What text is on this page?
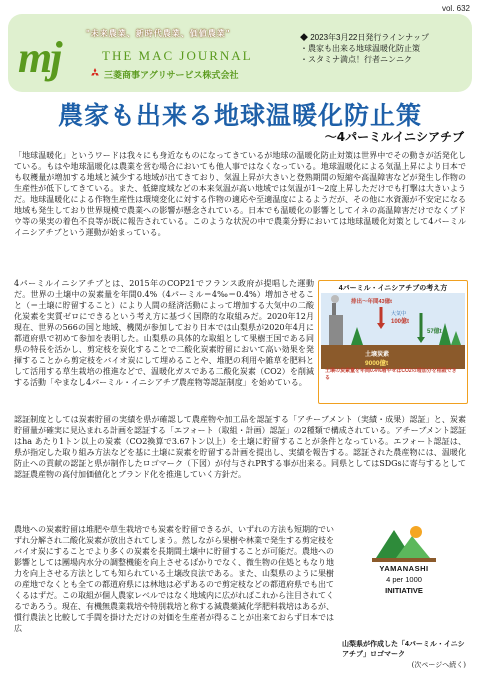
vol. 632
mj	"未来農業、新時代農業、価値農業"
THE MAC JOURNAL
三菱商事アグリサービス株式会社
◆ 2023年3月22日発行ラインナップ
・農家も出来る地球温暖化防止策
・スタミナ満点！行者ニンニク
農家も出来る地球温暖化防止策
～4パーミルイニシアチブ

「地球温暖化」というワードは我々にも身近なものになってきているが地球の温暖化防止対策は世界中でその動きが活発化している。もはや地球温暖化は農業を営む場合においても他人事ではなくなっている。地球温暖化による気温上昇により日本でも収穫量が増加する地域と減少する地域が出てきており、気温上昇が大きいと登熟期間の短縮や高温障害などが発生し作物の生産性が低下してきている。また、低緯度域などの本来気温が高い地域では気温が1～2度上昇しただけでも打撃は大きいようだ。地球温暖化による作物生産性は環境変化に対する作物の適応や至適温度によるようだが、その他に水資源が不安定になる地域も発生しており世界規模で農業への影響が懸念されている。日本でも温暖化の影響としてイネの高温障害だけでなくブドウ等の果実の着色不良等が既に報告されている。このような状況の中で農業分野においては地球温暖化対策として4パーミルイニシアチブという運動が始まっている。

4パーミルイニシアチブとは、2015年のCOP21でフランス政府が提唱した運動だ。世界の土壌中の炭素量を年間0.4%（4パーミル＝4‰＝0.4%）増加させること（＝土壌に貯留すること）により人間の経済活動によって増加する大気中の二酸化炭素を実質ゼロにできるという考え方に基づく国際的な取組みだ。2020年12月現在、世界の566の国と地域、機関が参加しており日本では山梨県が2020年4月に都道府県で初めて参加を表明した。山梨県の具体的な取組として果樹王国である同県の特長を活かし、剪定枝を炭化することで二酸化炭素貯留において高い効果を発揮することから剪定枝をバイオ炭にして埋めることや、堆肥の利用や雑草を肥料として活用する草生栽培の推進などで、温暖化ガスである二酸化炭素（CO2）を削減する活動「やまなし4パーミル・イニシアチブ農産物等認証制度」を始めている。

4パーミル・イニシアチブの考え方
排出～年間43億t
大気中
100億t
57億t
土壌炭素
9000億t
土壌の炭素量を年間0.4%増やせばCO2の増加分を相殺できる

認証制度としては炭素貯留の実績を県が確認して農産物や加工品を認証する「アチーブメント（実績・成果）認証」と、炭素貯留量が確実に見込まれる計画を認証する「エフォート（取組・計画）認証」の2種類で構成されている。アチーブメント認証はha あたり1トン以上の炭素（CO2換算で3.67トン以上）を土壌に貯留することが条件となっている。エフォート認証は、県が指定した取り組み方法などを基に土壌に炭素を貯留する計画を提出し、実績を報告する。認証された農産物には、温暖化防止への貢献の認証と県が制作したロゴマーク（下図）が付与されPRする事が出来る。同県としてはSDGsに寄与するとして認証農産物の高付加価値化とブランド化を推進していく方針だ。

農地への炭素貯留は堆肥や草生栽培でも炭素を貯留できるが、いずれの方法も短期的でいずれ分解され二酸化炭素が放出されてしまう。然しながら果樹や林業で発生する剪定枝をバイオ炭にすることでより多くの炭素を長期間土壌中に貯留することが可能だ。農地への影響としては團場内水分の調整機能を向上させるばかりでなく、微生物の住処ともなり地力を向上させる方法としても知られている土壌改良法である。また、山梨県のように果樹の産地でなくとも全ての都道府県には林地は必ずあるので剪定枝などの都道府県でも出てくるはずだ。この取組が個人農家レベルではなく地域内に広がればこれから注目されてくるであろう。現在、有機無農業栽培や特別栽培と称する減農薬減化学肥料栽培はあるが、慣行農法と比較して手間を掛けただけの対価を生産者が得ることが出来ておらず日本では広

YAMANASHI
4 per 1000
INITIATIVE
山梨県が作成した「4パーミル・イニシアチブ」ロゴマーク
(次ページへ続く)
